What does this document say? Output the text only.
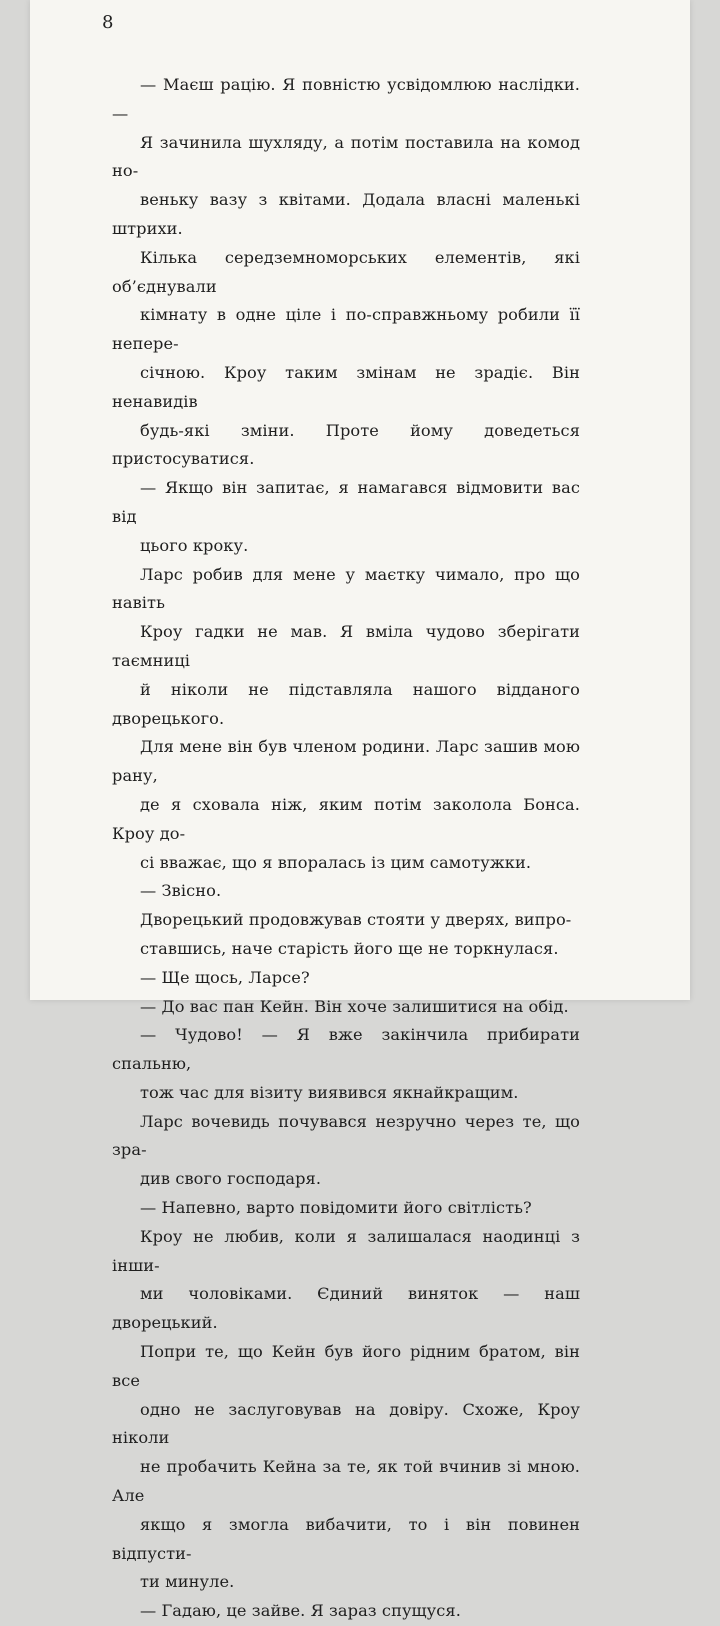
8

— Маєш рацію. Я повністю усвідомлюю наслідки. —
Я зачинила шухляду, а потім поставила на комод но-
веньку вазу з квітами. Додала власні маленькі штрихи.
Кілька середземноморських елементів, які об’єднували
кімнату в одне ціле і по-справжньому робили її непере-
січною. Кроу таким змінам не зрадіє. Він ненавидів
будь-які зміни. Проте йому доведеться пристосуватися.

— Якщо він запитає, я намагався відмовити вас від
цього кроку.

Ларс робив для мене у маєтку чимало, про що навіть
Кроу гадки не мав. Я вміла чудово зберігати таємниці
й ніколи не підставляла нашого відданого дворецького.
Для мене він був членом родини. Ларс зашив мою рану,
де я сховала ніж, яким потім заколола Бонса. Кроу до-
сі вважає, що я впоралась із цим самотужки.

— Звісно.

Дворецький продовжував стояти у дверях, випро-
ставшись, наче старість його ще не торкнулася.

— Ще щось, Ларсе?

— До вас пан Кейн. Він хоче залишитися на обід.

— Чудово! — Я вже закінчила прибирати спальню,
тож час для візиту виявився якнайкращим.

Ларс вочевидь почувався незручно через те, що зра-
див свого господаря.

— Напевно, варто повідомити його світлість?

Кроу не любив, коли я залишалася наодинці з інши-
ми чоловіками. Єдиний виняток — наш дворецький.
Попри те, що Кейн був його рідним братом, він все
одно не заслуговував на довіру. Схоже, Кроу ніколи
не пробачить Кейна за те, як той вчинив зі мною. Але
якщо я змогла вибачити, то і він повинен відпусти-
ти минуле.

— Гадаю, це зайве. Я зараз спущуся.
